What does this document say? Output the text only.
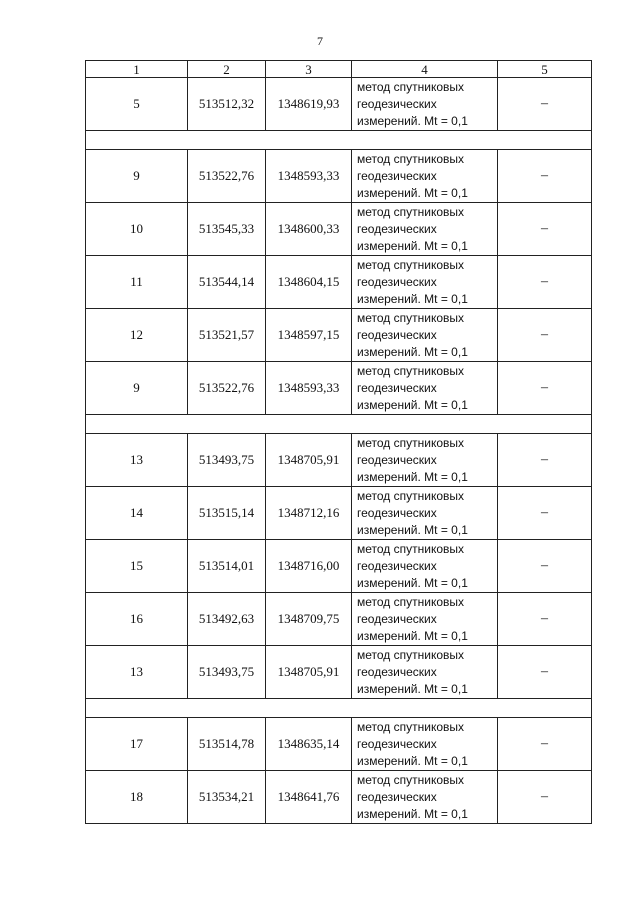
7
1	2	3	4	5
5	513512,32	1348619,93	метод спутниковых
геодезических
измерений. Mt = 0,1	–

9	513522,76	1348593,33	метод спутниковых
геодезических
измерений. Mt = 0,1	–
10	513545,33	1348600,33	метод спутниковых
геодезических
измерений. Mt = 0,1	–
11	513544,14	1348604,15	метод спутниковых
геодезических
измерений. Mt = 0,1	–
12	513521,57	1348597,15	метод спутниковых
геодезических
измерений. Mt = 0,1	–
9	513522,76	1348593,33	метод спутниковых
геодезических
измерений. Mt = 0,1	–

13	513493,75	1348705,91	метод спутниковых
геодезических
измерений. Mt = 0,1	–
14	513515,14	1348712,16	метод спутниковых
геодезических
измерений. Mt = 0,1	–
15	513514,01	1348716,00	метод спутниковых
геодезических
измерений. Mt = 0,1	–
16	513492,63	1348709,75	метод спутниковых
геодезических
измерений. Mt = 0,1	–
13	513493,75	1348705,91	метод спутниковых
геодезических
измерений. Mt = 0,1	–

17	513514,78	1348635,14	метод спутниковых
геодезических
измерений. Mt = 0,1	–
18	513534,21	1348641,76	метод спутниковых
геодезических
измерений. Mt = 0,1	–
